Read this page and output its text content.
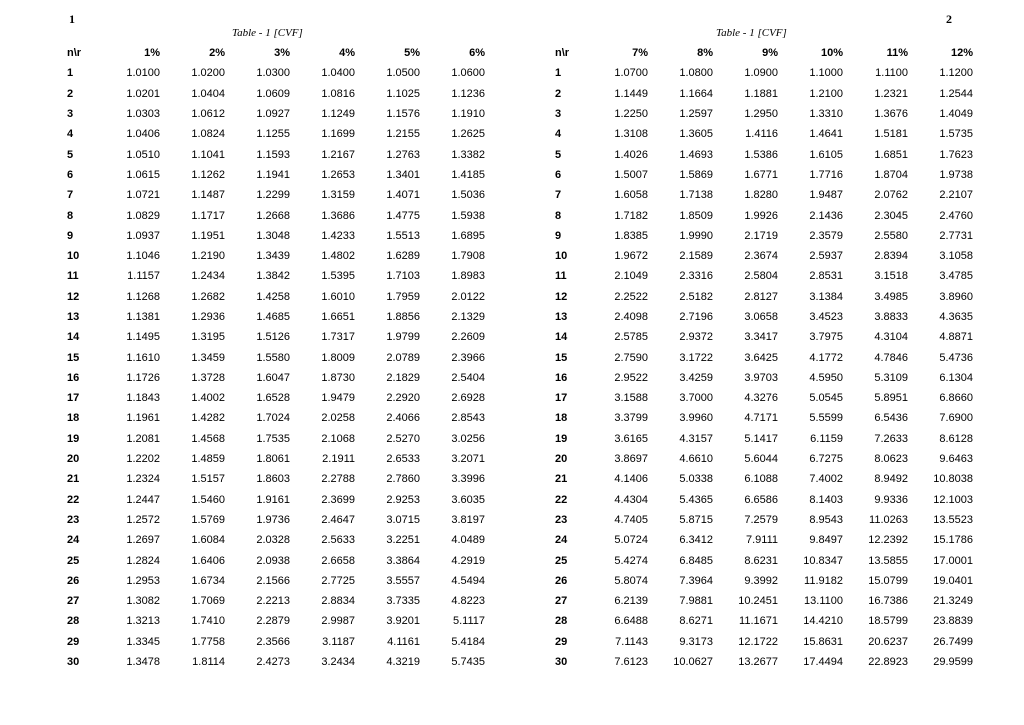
1
Table - 1 [CVF]
n\r	1%	2%	3%	4%	5%	6%
1	1.0100	1.0200	1.0300	1.0400	1.0500	1.0600
2	1.0201	1.0404	1.0609	1.0816	1.1025	1.1236
3	1.0303	1.0612	1.0927	1.1249	1.1576	1.1910
4	1.0406	1.0824	1.1255	1.1699	1.2155	1.2625
5	1.0510	1.1041	1.1593	1.2167	1.2763	1.3382
6	1.0615	1.1262	1.1941	1.2653	1.3401	1.4185
7	1.0721	1.1487	1.2299	1.3159	1.4071	1.5036
8	1.0829	1.1717	1.2668	1.3686	1.4775	1.5938
9	1.0937	1.1951	1.3048	1.4233	1.5513	1.6895
10	1.1046	1.2190	1.3439	1.4802	1.6289	1.7908
11	1.1157	1.2434	1.3842	1.5395	1.7103	1.8983
12	1.1268	1.2682	1.4258	1.6010	1.7959	2.0122
13	1.1381	1.2936	1.4685	1.6651	1.8856	2.1329
14	1.1495	1.3195	1.5126	1.7317	1.9799	2.2609
15	1.1610	1.3459	1.5580	1.8009	2.0789	2.3966
16	1.1726	1.3728	1.6047	1.8730	2.1829	2.5404
17	1.1843	1.4002	1.6528	1.9479	2.2920	2.6928
18	1.1961	1.4282	1.7024	2.0258	2.4066	2.8543
19	1.2081	1.4568	1.7535	2.1068	2.5270	3.0256
20	1.2202	1.4859	1.8061	2.1911	2.6533	3.2071
21	1.2324	1.5157	1.8603	2.2788	2.7860	3.3996
22	1.2447	1.5460	1.9161	2.3699	2.9253	3.6035
23	1.2572	1.5769	1.9736	2.4647	3.0715	3.8197
24	1.2697	1.6084	2.0328	2.5633	3.2251	4.0489
25	1.2824	1.6406	2.0938	2.6658	3.3864	4.2919
26	1.2953	1.6734	2.1566	2.7725	3.5557	4.5494
27	1.3082	1.7069	2.2213	2.8834	3.7335	4.8223
28	1.3213	1.7410	2.2879	2.9987	3.9201	5.1117
29	1.3345	1.7758	2.3566	3.1187	4.1161	5.4184
30	1.3478	1.8114	2.4273	3.2434	4.3219	5.7435
2
Table - 1 [CVF]
n\r	7%	8%	9%	10%	11%	12%
1	1.0700	1.0800	1.0900	1.1000	1.1100	1.1200
2	1.1449	1.1664	1.1881	1.2100	1.2321	1.2544
3	1.2250	1.2597	1.2950	1.3310	1.3676	1.4049
4	1.3108	1.3605	1.4116	1.4641	1.5181	1.5735
5	1.4026	1.4693	1.5386	1.6105	1.6851	1.7623
6	1.5007	1.5869	1.6771	1.7716	1.8704	1.9738
7	1.6058	1.7138	1.8280	1.9487	2.0762	2.2107
8	1.7182	1.8509	1.9926	2.1436	2.3045	2.4760
9	1.8385	1.9990	2.1719	2.3579	2.5580	2.7731
10	1.9672	2.1589	2.3674	2.5937	2.8394	3.1058
11	2.1049	2.3316	2.5804	2.8531	3.1518	3.4785
12	2.2522	2.5182	2.8127	3.1384	3.4985	3.8960
13	2.4098	2.7196	3.0658	3.4523	3.8833	4.3635
14	2.5785	2.9372	3.3417	3.7975	4.3104	4.8871
15	2.7590	3.1722	3.6425	4.1772	4.7846	5.4736
16	2.9522	3.4259	3.9703	4.5950	5.3109	6.1304
17	3.1588	3.7000	4.3276	5.0545	5.8951	6.8660
18	3.3799	3.9960	4.7171	5.5599	6.5436	7.6900
19	3.6165	4.3157	5.1417	6.1159	7.2633	8.6128
20	3.8697	4.6610	5.6044	6.7275	8.0623	9.6463
21	4.1406	5.0338	6.1088	7.4002	8.9492	10.8038
22	4.4304	5.4365	6.6586	8.1403	9.9336	12.1003
23	4.7405	5.8715	7.2579	8.9543	11.0263	13.5523
24	5.0724	6.3412	7.9111	9.8497	12.2392	15.1786
25	5.4274	6.8485	8.6231	10.8347	13.5855	17.0001
26	5.8074	7.3964	9.3992	11.9182	15.0799	19.0401
27	6.2139	7.9881	10.2451	13.1100	16.7386	21.3249
28	6.6488	8.6271	11.1671	14.4210	18.5799	23.8839
29	7.1143	9.3173	12.1722	15.8631	20.6237	26.7499
30	7.6123	10.0627	13.2677	17.4494	22.8923	29.9599
